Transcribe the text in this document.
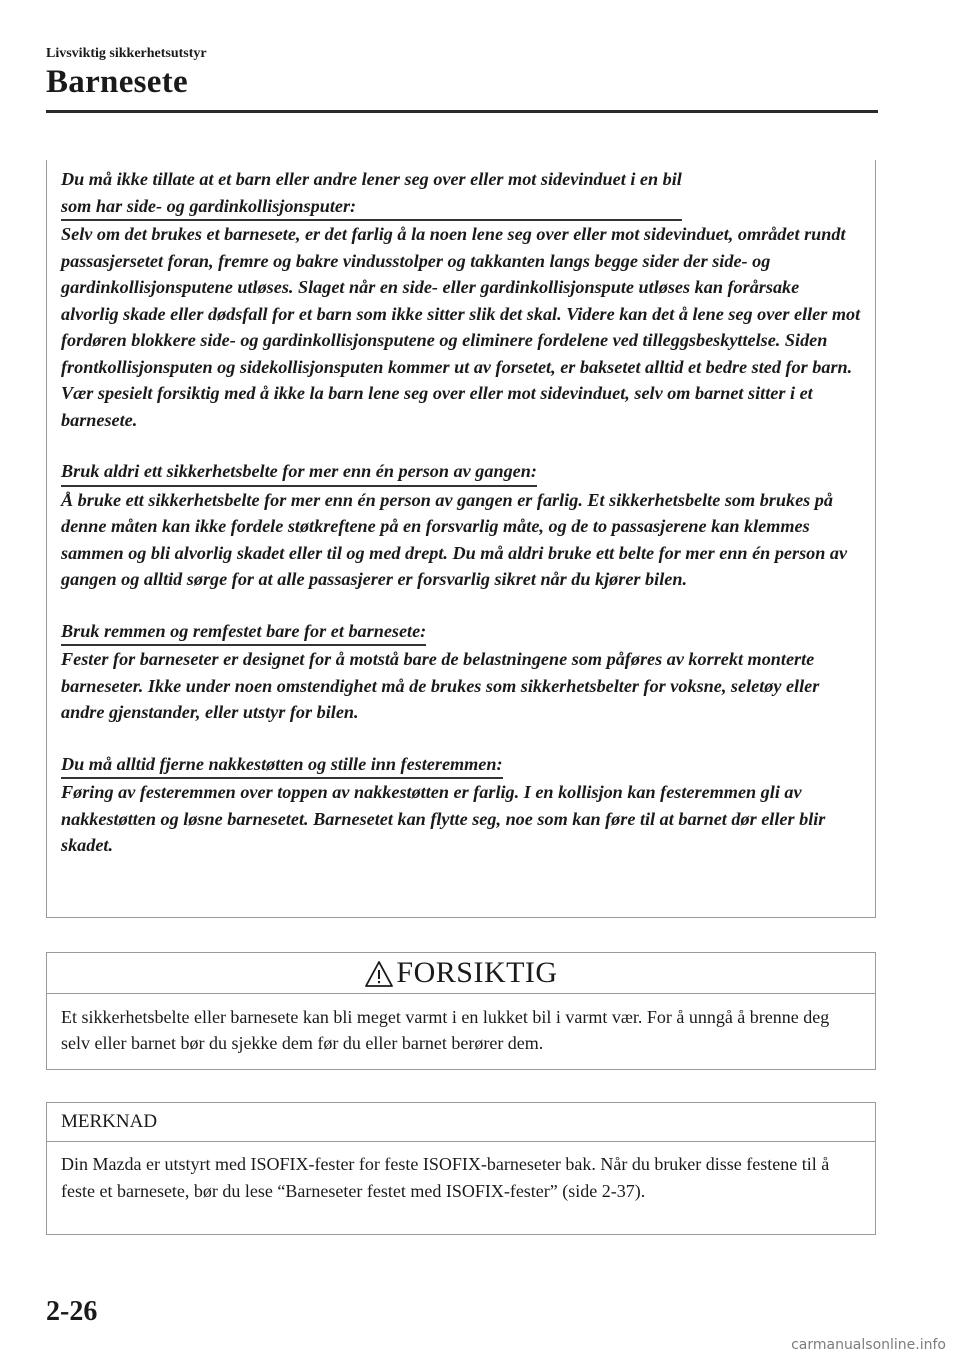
Livsviktig sikkerhetsutstyr
Barnesete
Du må ikke tillate at et barn eller andre lener seg over eller mot sidevinduet i en bil
som har side- og gardinkollisjonsputer:
Selv om det brukes et barnesete, er det farlig å la noen lene seg over eller mot sidevinduet, området rundt passasjersetet foran, fremre og bakre vindusstolper og takkanten langs begge sider der side- og gardinkollisjonsputene utløses. Slaget når en side- eller gardinkollisjonspute utløses kan forårsake alvorlig skade eller dødsfall for et barn som ikke sitter slik det skal. Videre kan det å lene seg over eller mot fordøren blokkere side- og gardinkollisjonsputene og eliminere fordelene ved tilleggsbeskyttelse. Siden frontkollisjonsputen og sidekollisjonsputen kommer ut av forsetet, er baksetet alltid et bedre sted for barn. Vær spesielt forsiktig med å ikke la barn lene seg over eller mot sidevinduet, selv om barnet sitter i et barnesete.
Bruk aldri ett sikkerhetsbelte for mer enn én person av gangen:
Å bruke ett sikkerhetsbelte for mer enn én person av gangen er farlig. Et sikkerhetsbelte som brukes på denne måten kan ikke fordele støtkreftene på en forsvarlig måte, og de to passasjerene kan klemmes sammen og bli alvorlig skadet eller til og med drept. Du må aldri bruke ett belte for mer enn én person av gangen og alltid sørge for at alle passasjerer er forsvarlig sikret når du kjører bilen.
Bruk remmen og remfestet bare for et barnesete:
Fester for barneseter er designet for å motstå bare de belastningene som påføres av korrekt monterte barneseter. Ikke under noen omstendighet må de brukes som sikkerhetsbelter for voksne, seletøy eller andre gjenstander, eller utstyr for bilen.
Du må alltid fjerne nakkestøtten og stille inn festeremmen:
Føring av festeremmen over toppen av nakkestøtten er farlig. I en kollisjon kan festeremmen gli av nakkestøtten og løsne barnesetet. Barnesetet kan flytte seg, noe som kan føre til at barnet dør eller blir skadet.
FORSIKTIG
Et sikkerhetsbelte eller barnesete kan bli meget varmt i en lukket bil i varmt vær. For å unngå å brenne deg selv eller barnet bør du sjekke dem før du eller barnet berører dem.
MERKNAD
Din Mazda er utstyrt med ISOFIX-fester for feste ISOFIX-barneseter bak. Når du bruker disse festene til å feste et barnesete, bør du lese “Barneseter festet med ISOFIX-fester” (side 2-37).
2-26
carmanualsonline.info
